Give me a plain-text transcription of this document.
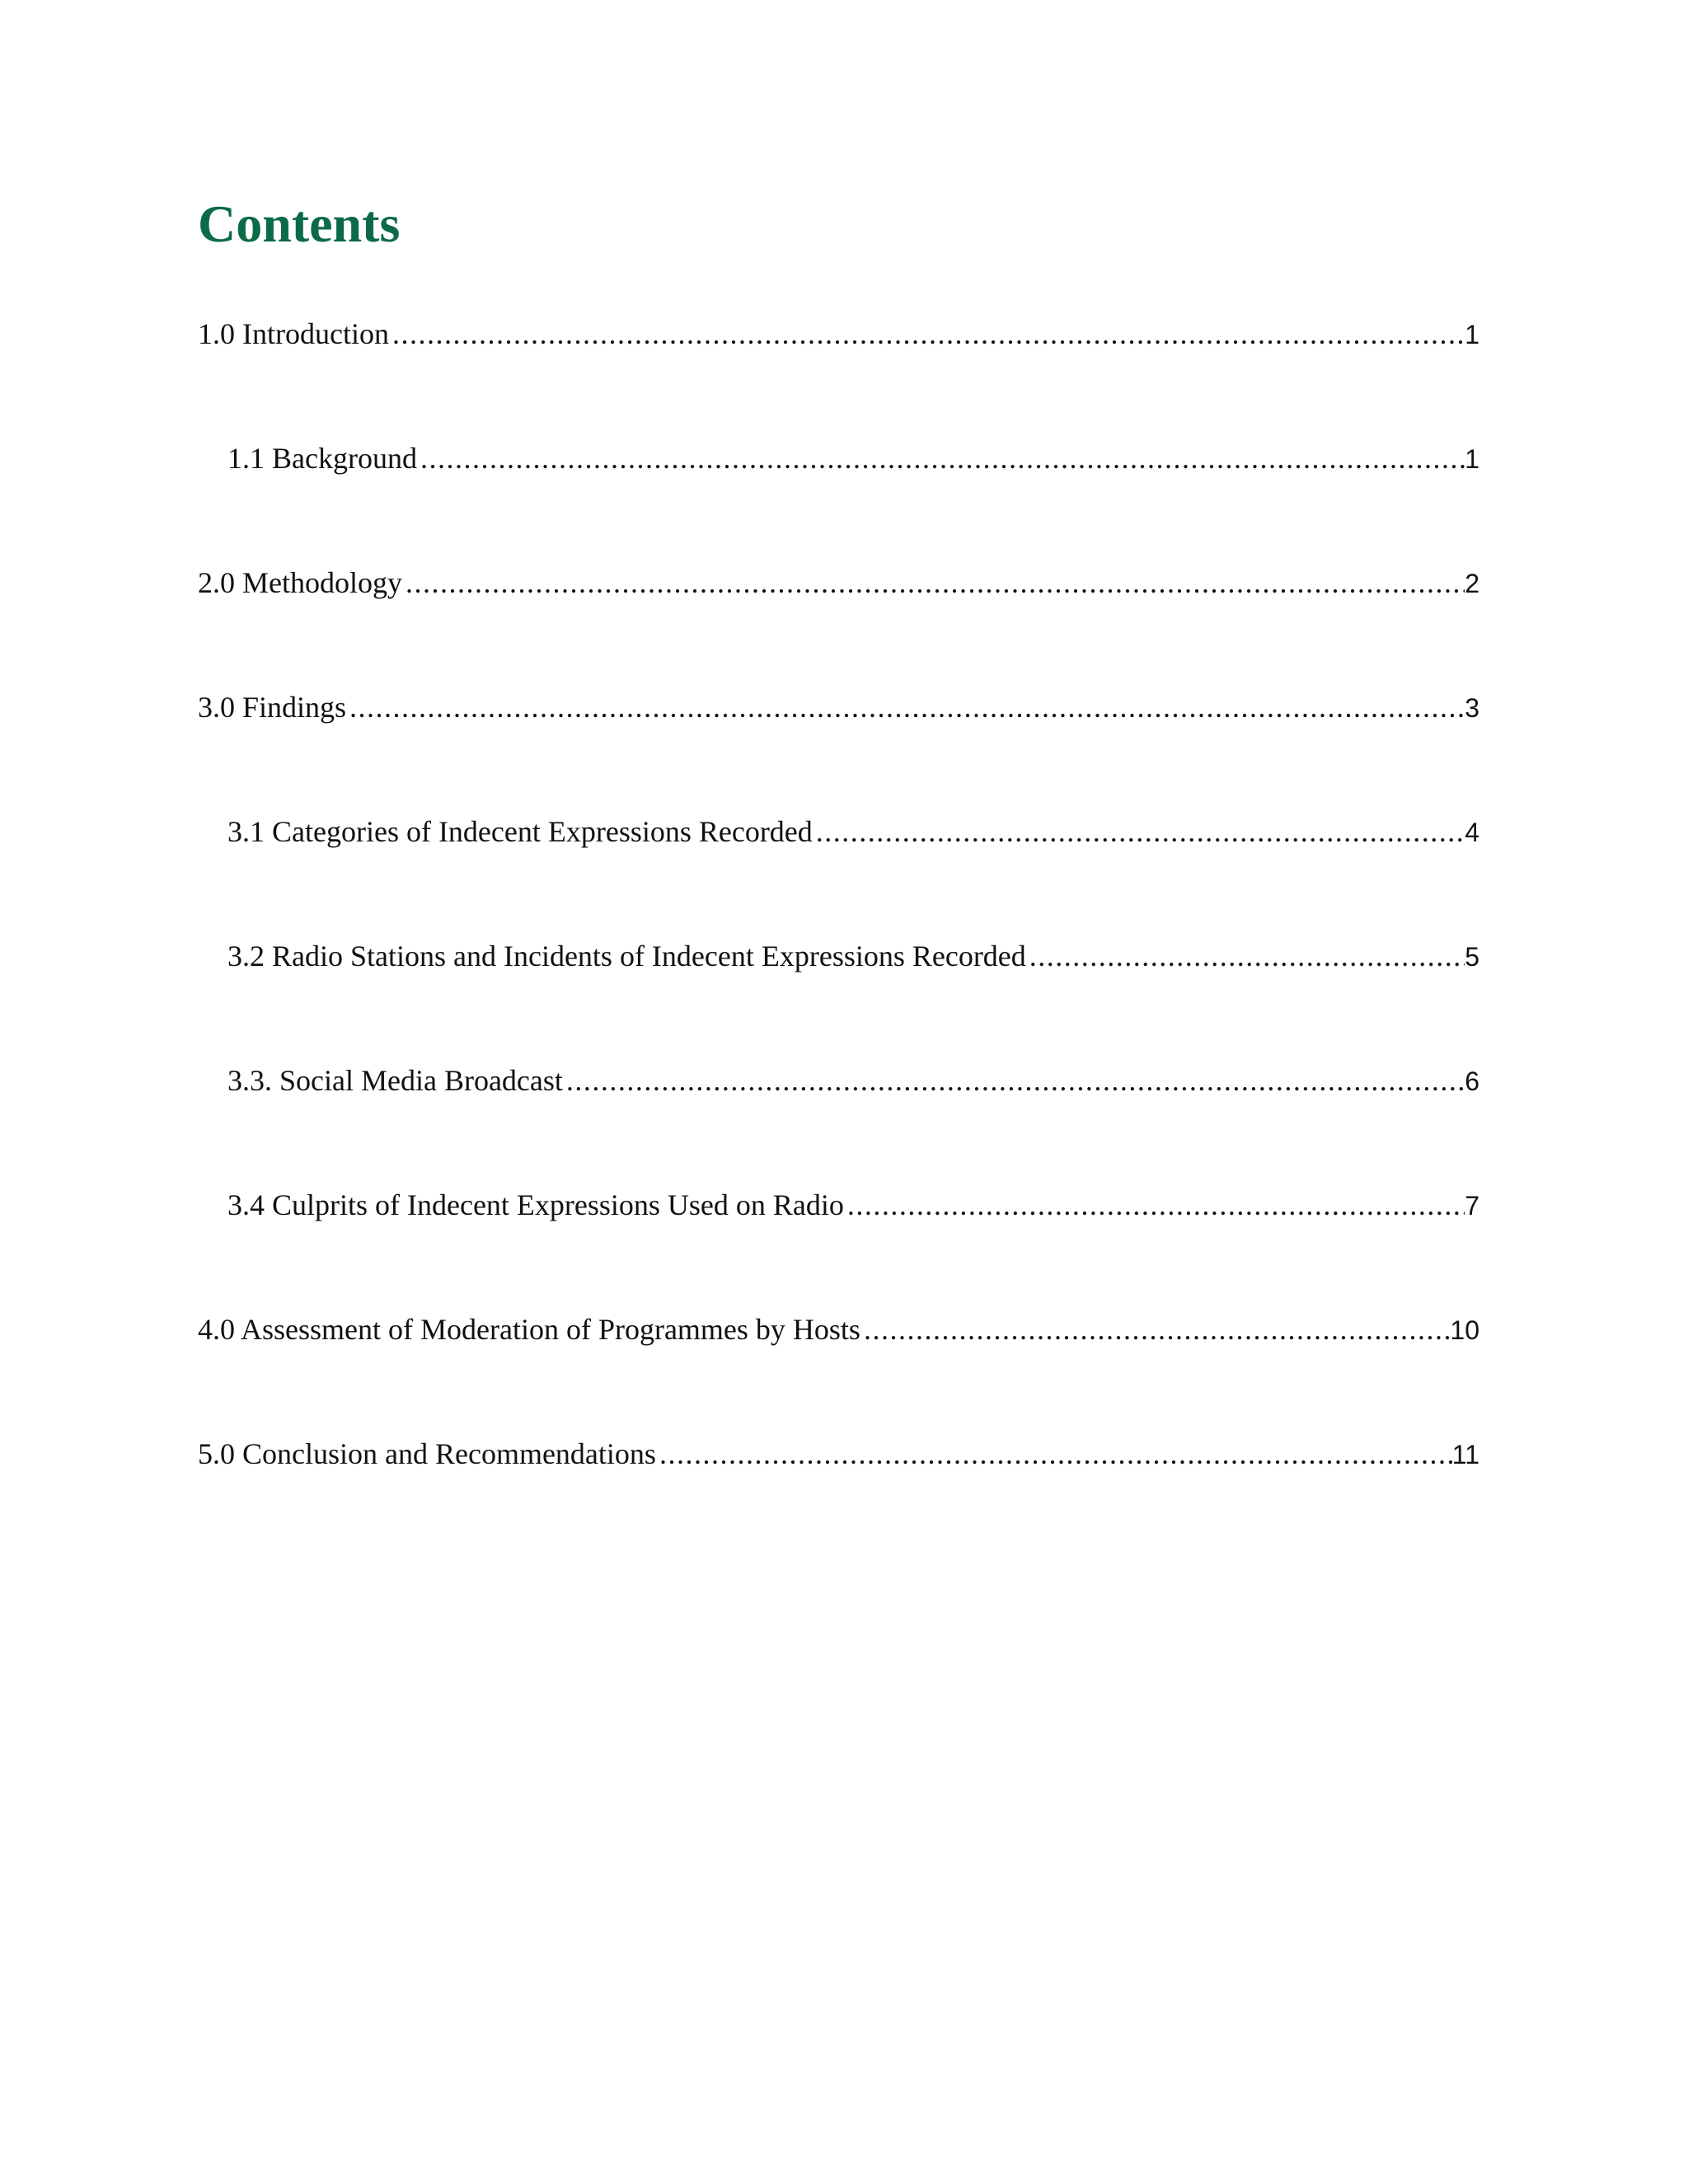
Contents
1.0 Introduction .....	1
1.1 Background .....	1
2.0 Methodology .....	2
3.0 Findings .....	3
3.1 Categories of Indecent Expressions Recorded .....	4
3.2 Radio Stations and Incidents of Indecent Expressions Recorded .....	5
3.3. Social Media Broadcast .....	6
3.4 Culprits of Indecent Expressions Used on Radio .....	7
4.0 Assessment of Moderation of Programmes by Hosts .....	10
5.0 Conclusion and Recommendations .....	11
